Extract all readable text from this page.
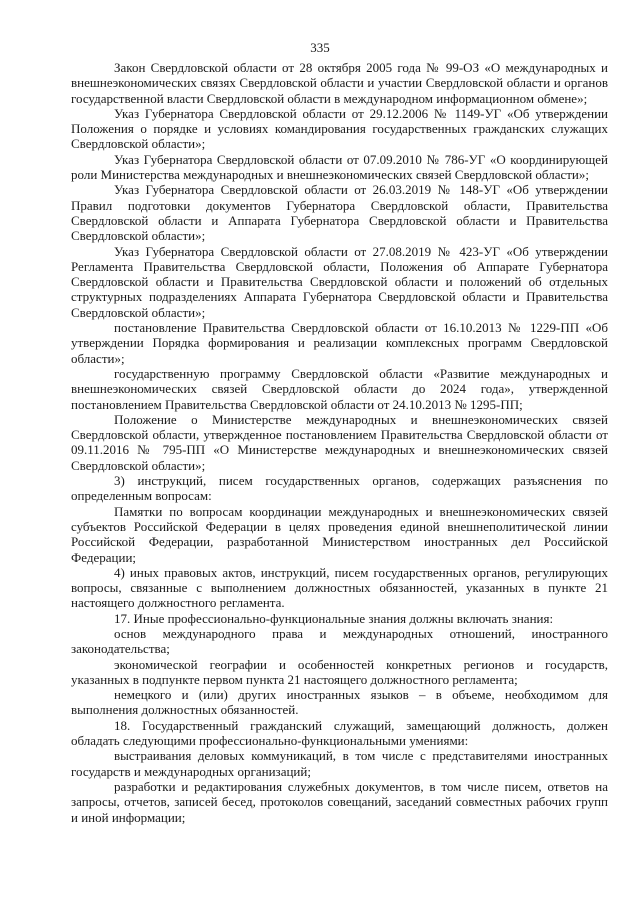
335

Закон Свердловской области от 28 октября 2005 года № 99-ОЗ «О международных и внешнеэкономических связях Свердловской области и участии Свердловской области и органов государственной власти Свердловской области в международном информационном обмене»;

Указ Губернатора Свердловской области от 29.12.2006 № 1149-УГ «Об утверждении Положения о порядке и условиях командирования государственных гражданских служащих Свердловской области»;

Указ Губернатора Свердловской области от 07.09.2010 № 786-УГ «О координирующей роли Министерства международных и внешнеэкономических связей Свердловской области»;

Указ Губернатора Свердловской области от 26.03.2019 № 148-УГ «Об утверждении Правил подготовки документов Губернатора Свердловской области, Правительства Свердловской области и Аппарата Губернатора Свердловской области и Правительства Свердловской области»;

Указ Губернатора Свердловской области от 27.08.2019 № 423-УГ «Об утверждении Регламента Правительства Свердловской области, Положения об Аппарате Губернатора Свердловской области и Правительства Свердловской области и положений об отдельных структурных подразделениях Аппарата Губернатора Свердловской области и Правительства Свердловской области»;

постановление Правительства Свердловской области от 16.10.2013 № 1229-ПП «Об утверждении Порядка формирования и реализации комплексных программ Свердловской области»;

государственную программу Свердловской области «Развитие международных и внешнеэкономических связей Свердловской области до 2024 года», утвержденной постановлением Правительства Свердловской области от 24.10.2013 № 1295-ПП;

Положение о Министерстве международных и внешнеэкономических связей Свердловской области, утвержденное постановлением Правительства Свердловской области от 09.11.2016 № 795-ПП «О Министерстве международных и внешнеэкономических связей Свердловской области»;

3) инструкций, писем государственных органов, содержащих разъяснения по определенным вопросам:

Памятки по вопросам координации международных и внешнеэкономических связей субъектов Российской Федерации в целях проведения единой внешнеполитической линии Российской Федерации, разработанной Министерством иностранных дел Российской Федерации;

4) иных правовых актов, инструкций, писем государственных органов, регулирующих вопросы, связанные с выполнением должностных обязанностей, указанных в пункте 21 настоящего должностного регламента.

17. Иные профессионально-функциональные знания должны включать знания:

основ международного права и международных отношений, иностранного законодательства;

экономической географии и особенностей конкретных регионов и государств, указанных в подпункте первом пункта 21 настоящего должностного регламента;

немецкого и (или) других иностранных языков – в объеме, необходимом для выполнения должностных обязанностей.

18. Государственный гражданский служащий, замещающий должность, должен обладать следующими профессионально-функциональными умениями:

выстраивания деловых коммуникаций, в том числе с представителями иностранных государств и международных организаций;

разработки и редактирования служебных документов, в том числе писем, ответов на запросы, отчетов, записей бесед, протоколов совещаний, заседаний совместных рабочих групп и иной информации;
